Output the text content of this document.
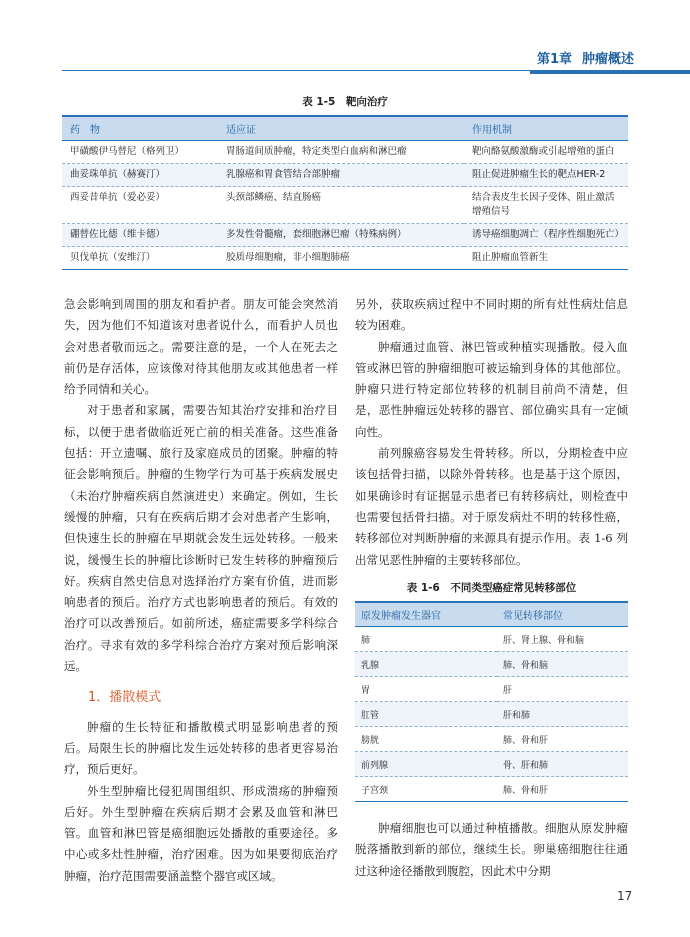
第1章 肿瘤概述
表 1-5　靶向治疗
药　物	适应证	作用机制
甲磺酸伊马替尼（格列卫）	胃肠道间质肿瘤，特定类型白血病和淋巴瘤	靶向酪氨酸激酶或引起增殖的蛋白
曲妥珠单抗（赫赛汀）	乳腺癌和胃食管结合部肿瘤	阻止促进肿瘤生长的靶点HER-2
西妥昔单抗（爱必妥）	头颈部鳞癌、结直肠癌	结合表皮生长因子受体、阻止激活增殖信号
硼替佐比德（维卡德）	多发性骨髓瘤，套细胞淋巴瘤（特殊病例）	诱导癌细胞凋亡（程序性细胞死亡）
贝伐单抗（安维汀）	胶质母细胞瘤，非小细胞肺癌	阻止肿瘤血管新生

急会影响到周围的朋友和看护者。朋友可能会突然消失，因为他们不知道该对患者说什么，而看护人员也会对患者敬而远之。需要注意的是，一个人在死去之前仍是存活体，应该像对待其他朋友或其他患者一样给予同情和关心。

对于患者和家属，需要告知其治疗安排和治疗目标，以便于患者做临近死亡前的相关准备。这些准备包括：开立遗嘱、旅行及家庭成员的团聚。肿瘤的特征会影响预后。肿瘤的生物学行为可基于疾病发展史（未治疗肿瘤疾病自然演进史）来确定。例如，生长缓慢的肿瘤，只有在疾病后期才会对患者产生影响，但快速生长的肿瘤在早期就会发生远处转移。一般来说，缓慢生长的肿瘤比诊断时已发生转移的肿瘤预后好。疾病自然史信息对选择治疗方案有价值，进而影响患者的预后。治疗方式也影响患者的预后。有效的治疗可以改善预后。如前所述，癌症需要多学科综合治疗。寻求有效的多学科综合治疗方案对预后影响深远。

1．播散模式

肿瘤的生长特征和播散模式明显影响患者的预后。局限生长的肿瘤比发生远处转移的患者更容易治疗，预后更好。

外生型肿瘤比侵犯周围组织、形成溃疡的肿瘤预后好。外生型肿瘤在疾病后期才会累及血管和淋巴管。血管和淋巴管是癌细胞远处播散的重要途径。多中心或多灶性肿瘤，治疗困难。因为如果要彻底治疗肿瘤，治疗范围需要涵盖整个器官或区域。

另外，获取疾病过程中不同时期的所有灶性病灶信息较为困难。

肿瘤通过血管、淋巴管或种植实现播散。侵入血管或淋巴管的肿瘤细胞可被运输到身体的其他部位。肿瘤只进行特定部位转移的机制目前尚不清楚，但是，恶性肿瘤远处转移的器官、部位确实具有一定倾向性。

前列腺癌容易发生骨转移。所以，分期检查中应该包括骨扫描，以除外骨转移。也是基于这个原因，如果确诊时有证据显示患者已有转移病灶，则检查中也需要包括骨扫描。对于原发病灶不明的转移性癌，转移部位对判断肿瘤的来源具有提示作用。表 1-6 列出常见恶性肿瘤的主要转移部位。

表 1-6　不同类型癌症常见转移部位
原发肿瘤发生器官	常见转移部位
肺	肝、肾上腺、骨和脑
乳腺	肺、骨和脑
胃	肝
肛管	肝和肺
膀胱	肺、骨和肝
前列腺	骨、肝和肺
子宫颈	肺、骨和肝

肿瘤细胞也可以通过种植播散。细胞从原发肿瘤脱落播散到新的部位，继续生长。卵巢癌细胞往往通过这种途径播散到腹腔，因此术中分期

17
